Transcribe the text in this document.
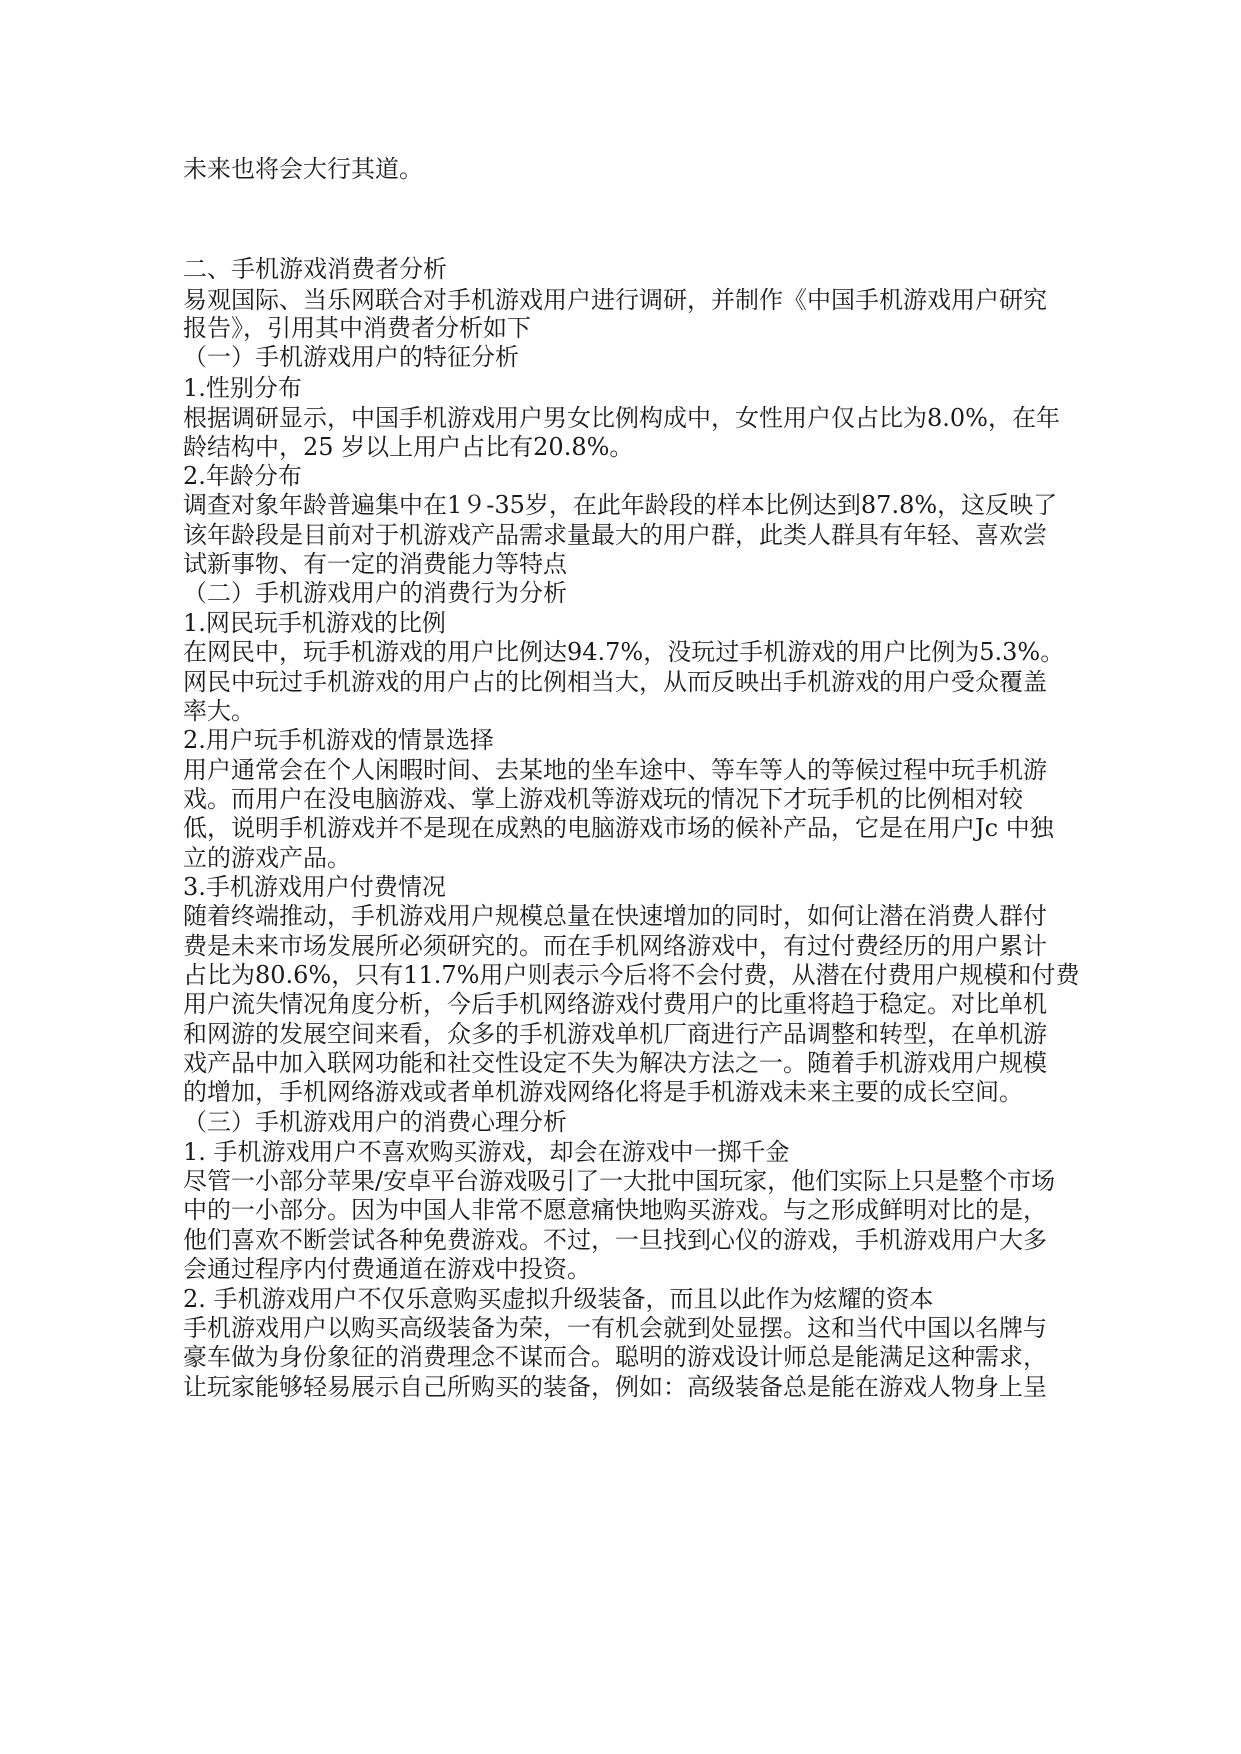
未来也将会大行其道。

二、手机游戏消费者分析

易观国际、当乐网联合对手机游戏用户进行调研，并制作《中国手机游戏用户研究

报告》，引用其中消费者分析如下

（一）手机游戏用户的特征分析

1.性别分布

根据调研显示，中国手机游戏用户男女比例构成中，女性用户仅占比为8.0%，在年

龄结构中，25 岁以上用户占比有20.8%。

2.年龄分布

调查对象年龄普遍集中在1９-35岁，在此年龄段的样本比例达到87.8%，这反映了

该年龄段是目前对于机游戏产品需求量最大的用户群，此类人群具有年轻、喜欢尝

试新事物、有一定的消费能力等特点

（二）手机游戏用户的消费行为分析

1.网民玩手机游戏的比例

在网民中，玩手机游戏的用户比例达94.7%，没玩过手机游戏的用户比例为5.3%。

网民中玩过手机游戏的用户占的比例相当大，从而反映出手机游戏的用户受众覆盖

率大。

2.用户玩手机游戏的情景选择

用户通常会在个人闲暇时间、去某地的坐车途中、等车等人的等候过程中玩手机游

戏。而用户在没电脑游戏、掌上游戏机等游戏玩的情况下才玩手机的比例相对较

低，说明手机游戏并不是现在成熟的电脑游戏市场的候补产品，它是在用户Jc 中独

立的游戏产品。

3.手机游戏用户付费情况

随着终端推动，手机游戏用户规模总量在快速增加的同时，如何让潜在消费人群付

费是未来市场发展所必须研究的。而在手机网络游戏中，有过付费经历的用户累计

占比为80.6%，只有11.7%用户则表示今后将不会付费，从潜在付费用户规模和付费

用户流失情况角度分析，今后手机网络游戏付费用户的比重将趋于稳定。对比单机

和网游的发展空间来看，众多的手机游戏单机厂商进行产品调整和转型，在单机游

戏产品中加入联网功能和社交性设定不失为解决方法之一。随着手机游戏用户规模

的增加，手机网络游戏或者单机游戏网络化将是手机游戏未来主要的成长空间。

（三）手机游戏用户的消费心理分析

1. 手机游戏用户不喜欢购买游戏，却会在游戏中一掷千金

尽管一小部分苹果/安卓平台游戏吸引了一大批中国玩家，他们实际上只是整个市场

中的一小部分。因为中国人非常不愿意痛快地购买游戏。与之形成鲜明对比的是，

他们喜欢不断尝试各种免费游戏。不过，一旦找到心仪的游戏，手机游戏用户大多

会通过程序内付费通道在游戏中投资。

2. 手机游戏用户不仅乐意购买虚拟升级装备，而且以此作为炫耀的资本

手机游戏用户以购买高级装备为荣，一有机会就到处显摆。这和当代中国以名牌与

豪车做为身份象征的消费理念不谋而合。聪明的游戏设计师总是能满足这种需求，

让玩家能够轻易展示自己所购买的装备，例如：高级装备总是能在游戏人物身上呈
